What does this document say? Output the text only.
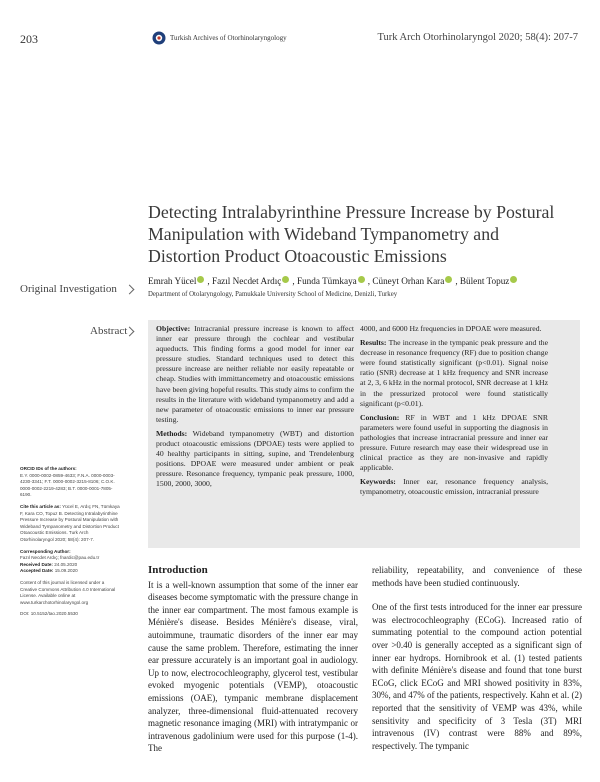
203	Turkish Archives of Otorhinolaryngology	Turk Arch Otorhinolaryngol 2020; 58(4): 207-7
Detecting Intralabyrinthine Pressure Increase by Postural Manipulation with Wideband Tympanometry and Distortion Product Otoacoustic Emissions
Original Investigation
Emrah Yücel , Fazıl Necdet Ardıç , Funda Tümkaya , Cüneyt Orhan Kara , Bülent Topuz
Department of Otolaryngology, Pamukkale University School of Medicine, Denizli, Turkey
Abstract	Objective: Intracranial pressure increase is known to affect inner ear pressure through the cochlear and vestibular aqueducts. This finding forms a good model for inner ear pressure studies. Standard techniques used to detect this pressure increase are neither reliable nor easily repeatable or cheap. Studies with immittancemetry and otoacoustic emissions have been giving hopeful results. This study aims to confirm the results in the literature with wideband tympanometry and add a new parameter of otoacoustic emissions to inner ear pressure testing.

Methods: Wideband tympanometry (WBT) and distortion product otoacoustic emissions (DPOAE) tests were applied to 40 healthy participants in sitting, supine, and Trendelenburg positions. DPOAE were measured under ambient or peak pressure. Resonance frequency, tympanic peak pressure, 1000, 1500, 2000, 3000,

4000, and 6000 Hz frequencies in DPOAE were measured.

Results: The increase in the tympanic peak pressure and the decrease in resonance frequency (RF) due to position change were found statistically significant (p<0.01). Signal noise ratio (SNR) decrease at 1 kHz frequency and SNR increase at 2, 3, 6 kHz in the normal protocol, SNR decrease at 1 kHz in the pressurized protocol were found statistically significant (p<0.01).

Conclusion: RF in WBT and 1 kHz DPOAE SNR parameters were found useful in supporting the diagnosis in pathologies that increase intracranial pressure and inner ear pressure. Future research may ease their widespread use in clinical practice as they are non-invasive and rapidly applicable.

Keywords: Inner ear, resonance frequency analysis, tympanometry, otoacoustic emission, intracranial pressure

ORCID IDs of the authors:
E.Y. 0000-0002-0859-4633; F.N.A. 0000-0003-4230-3341; F.T. 0000-0002-3215-8106; C.O.K. 0000-0002-2219-4283; B.T. 0000-0001-7805-6190.

Cite this article as: Yücel E, Ardıç FN, Tümkaya F, Kara CO, Topuz B. Detecting Intralabyrinthine Pressure Increase by Postural Manipulation with Wideband Tympanometry and Distortion Product Otoacoustic Emissions. Turk Arch Otorhinolaryngol 2020; 58(4): 207-7.

Corresponding Author:
Fazıl Necdet Ardıç; fnardic@pau.edu.tr
Received Date: 24.05.2020
Accepted Date: 15.09.2020

Content of this journal is licensed under a Creative Commons Attribution 4.0 International License. Available online at www.turkarchotorhinolaryngol.org

DOI: 10.5152/tao.2020.5530

Introduction

It is a well-known assumption that some of the inner ear diseases become symptomatic with the pressure change in the inner ear compartment. The most famous example is Ménière's disease. Besides Ménière's disease, viral, autoimmune, traumatic disorders of the inner ear may cause the same problem. Therefore, estimating the inner ear pressure accurately is an important goal in audiology. Up to now, electrocochleography, glycerol test, vestibular evoked myogenic potentials (VEMP), otoacoustic emissions (OAE), tympanic membrane displacement analyzer, three-dimensional fluid-attenuated recovery magnetic resonance imaging (MRI) with intratympanic or intravenous gadolinium were used for this purpose (1-4). The

reliability, repeatability, and convenience of these methods have been studied continuously.

One of the first tests introduced for the inner ear pressure was electrocochleography (ECoG). Increased ratio of summating potential to the compound action potential over >0.40 is generally accepted as a significant sign of inner ear hydrops. Hornibrook et al. (1) tested patients with definite Ménière's disease and found that tone burst ECoG, click ECoG and MRI showed positivity in 83%, 30%, and 47% of the patients, respectively. Kahn et al. (2) reported that the sensitivity of VEMP was 43%, while sensitivity and specificity of 3 Tesla (3T) MRI intravenous (IV) contrast were 88% and 89%, respectively. The tympanic
